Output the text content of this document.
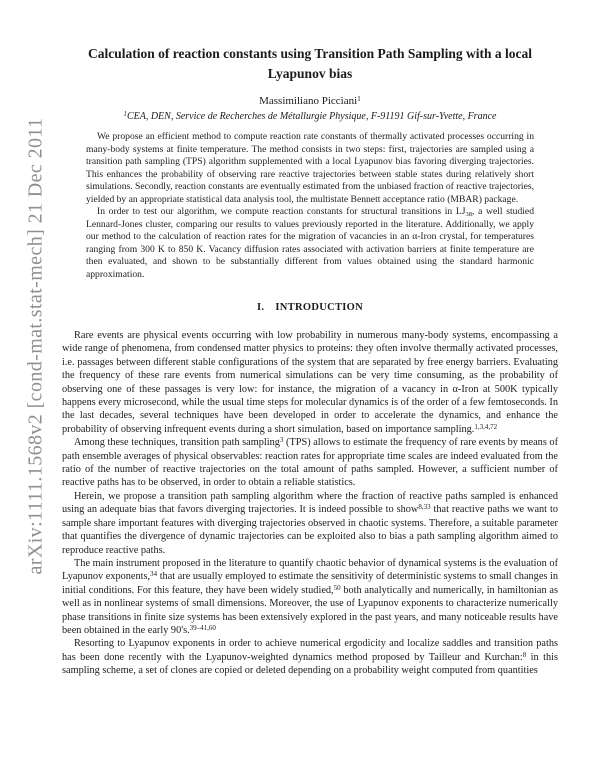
arXiv:1111.1568v2 [cond-mat.stat-mech] 21 Dec 2011
Calculation of reaction constants using Transition Path Sampling with a local Lyapunov bias
Massimiliano Picciani$^1$
$^1$CEA, DEN, Service de Recherches de Métallurgie Physique, F-91191 Gif-sur-Yvette, France

We propose an efficient method to compute reaction rate constants of thermally activated processes occurring in many-body systems at finite temperature. The method consists in two steps: first, trajectories are sampled using a transition path sampling (TPS) algorithm supplemented with a local Lyapunov bias favoring diverging trajectories. This enhances the probability of observing rare reactive trajectories between stable states during relatively short simulations. Secondly, reaction constants are eventually estimated from the unbiased fraction of reactive trajectories, yielded by an appropriate statistical data analysis tool, the multistate Bennett acceptance ratio (MBAR) package.

In order to test our algorithm, we compute reaction constants for structural transitions in $LJ_{38}$, a well studied Lennard-Jones cluster, comparing our results to values previously reported in the literature. Additionally, we apply our method to the calculation of reaction rates for the migration of vacancies in an α-Iron crystal, for temperatures ranging from 300 K to 850 K. Vacancy diffusion rates associated with activation barriers at finite temperature are then evaluated, and shown to be substantially different from values obtained using the standard harmonic approximation.

I.  INTRODUCTION

Rare events are physical events occurring with low probability in numerous many-body systems, encompassing a wide range of phenomena, from condensed matter physics to proteins: they often involve thermally activated processes, i.e. passages between different stable configurations of the system that are separated by free energy barriers. Evaluating the frequency of these rare events from numerical simulations can be very time consuming, as the probability of observing one of these passages is very low: for instance, the migration of a vacancy in α-Iron at 500K typically happens every microsecond, while the usual time steps for molecular dynamics is of the order of a few femtoseconds. In the last decades, several techniques have been developed in order to accelerate the dynamics, and enhance the probability of observing infrequent events during a short simulation, based on importance sampling.$^{1,3,4,72}$

Among these techniques, transition path sampling$^3$ (TPS) allows to estimate the frequency of rare events by means of path ensemble averages of physical observables: reaction rates for appropriate time scales are indeed evaluated from the ratio of the number of reactive trajectories on the total amount of paths sampled. However, a sufficient number of reactive paths has to be observed, in order to obtain a reliable statistics.

Herein, we propose a transition path sampling algorithm where the fraction of reactive paths sampled is enhanced using an adequate bias that favors diverging trajectories. It is indeed possible to show$^{8,33}$ that reactive paths we want to sample share important features with diverging trajectories observed in chaotic systems. Therefore, a suitable parameter that quantifies the divergence of dynamic trajectories can be exploited also to bias a path sampling algorithm aimed to reproduce reactive paths.

The main instrument proposed in the literature to quantify chaotic behavior of dynamical systems is the evaluation of Lyapunov exponents,$^{34}$ that are usually employed to estimate the sensitivity of deterministic systems to small changes in initial conditions. For this feature, they have been widely studied,$^{50}$ both analytically and numerically, in hamiltonian as well as in nonlinear systems of small dimensions. Moreover, the use of Lyapunov exponents to characterize numerically phase transitions in finite size systems has been extensively explored in the past years, and many noticeable results have been obtained in the early 90's.$^{39-41,60}$

Resorting to Lyapunov exponents in order to achieve numerical ergodicity and localize saddles and transition paths has been done recently with the Lyapunov-weighted dynamics method proposed by Tailleur and Kurchan:$^8$ in this sampling scheme, a set of clones are copied or deleted depending on a probability weight computed from quantities
